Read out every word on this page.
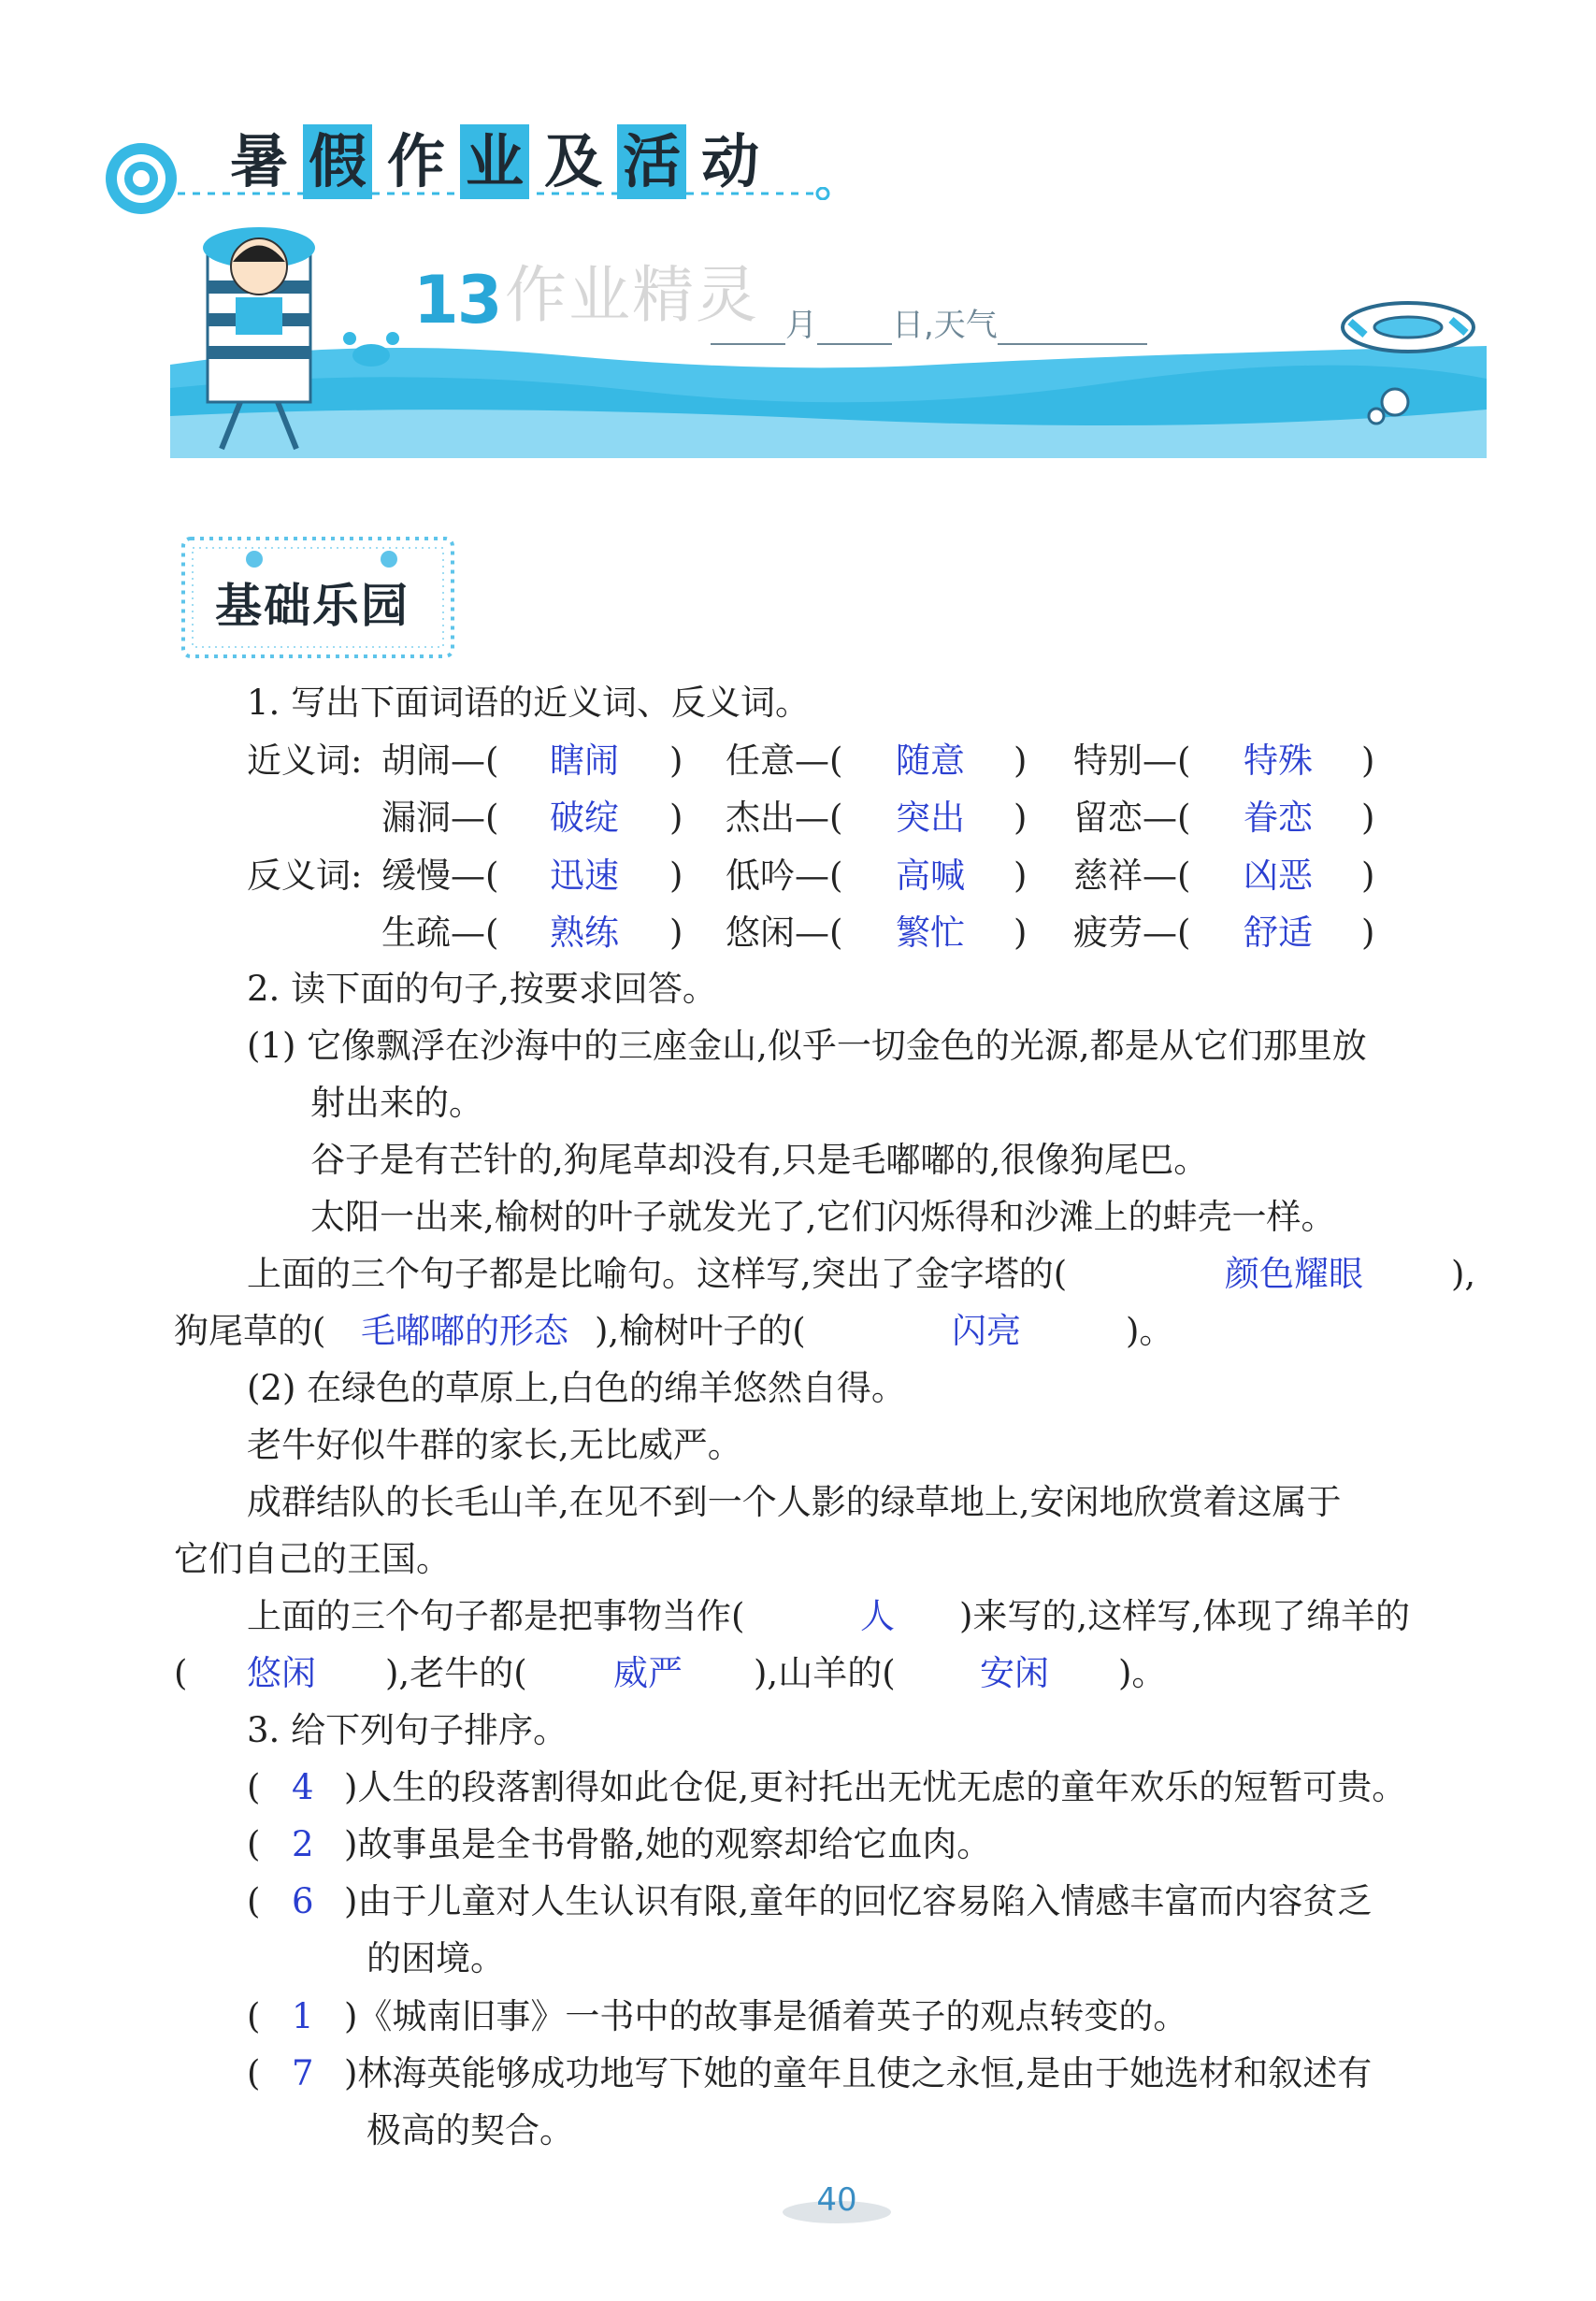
暑 假 作 业 及 活 动
13 作业精灵 月 日,天气
基础乐园
1. 写出下面词语的近义词、反义词。
近义词: 胡闹—( 瞎闹 ) 任意—( 随意 ) 特别—( 特殊 )
漏洞—( 破绽 ) 杰出—( 突出 ) 留恋—( 眷恋 )
反义词: 缓慢—( 迅速 ) 低吟—( 高喊 ) 慈祥—( 凶恶 )
生疏—( 熟练 ) 悠闲—( 繁忙 ) 疲劳—( 舒适 )
2. 读下面的句子,按要求回答。
(1) 它像飘浮在沙海中的三座金山,似乎一切金色的光源,都是从它们那里放
射出来的。
谷子是有芒针的,狗尾草却没有,只是毛嘟嘟的,很像狗尾巴。
太阳一出来,榆树的叶子就发光了,它们闪烁得和沙滩上的蚌壳一样。
上面的三个句子都是比喻句。这样写,突出了金字塔的(	颜色耀眼	),
狗尾草的( 毛嘟嘟的形态 ),榆树叶子的(	闪亮	)。
(2) 在绿色的草原上,白色的绵羊悠然自得。
老牛好似牛群的家长,无比威严。
成群结队的长毛山羊,在见不到一个人影的绿草地上,安闲地欣赏着这属于
它们自己的王国。
上面的三个句子都是把事物当作(	人 )来写的,这样写,体现了绵羊的
( 悠闲 ),老牛的( 威严 ),山羊的( 安闲 )。
3. 给下列句子排序。
( 4 )人生的段落割得如此仓促,更衬托出无忧无虑的童年欢乐的短暂可贵。
( 2 )故事虽是全书骨骼,她的观察却给它血肉。
( 6 )由于儿童对人生认识有限,童年的回忆容易陷入情感丰富而内容贫乏
的困境。
( 1 )《城南旧事》一书中的故事是循着英子的观点转变的。
( 7 )林海英能够成功地写下她的童年且使之永恒,是由于她选材和叙述有
极高的契合。
40
